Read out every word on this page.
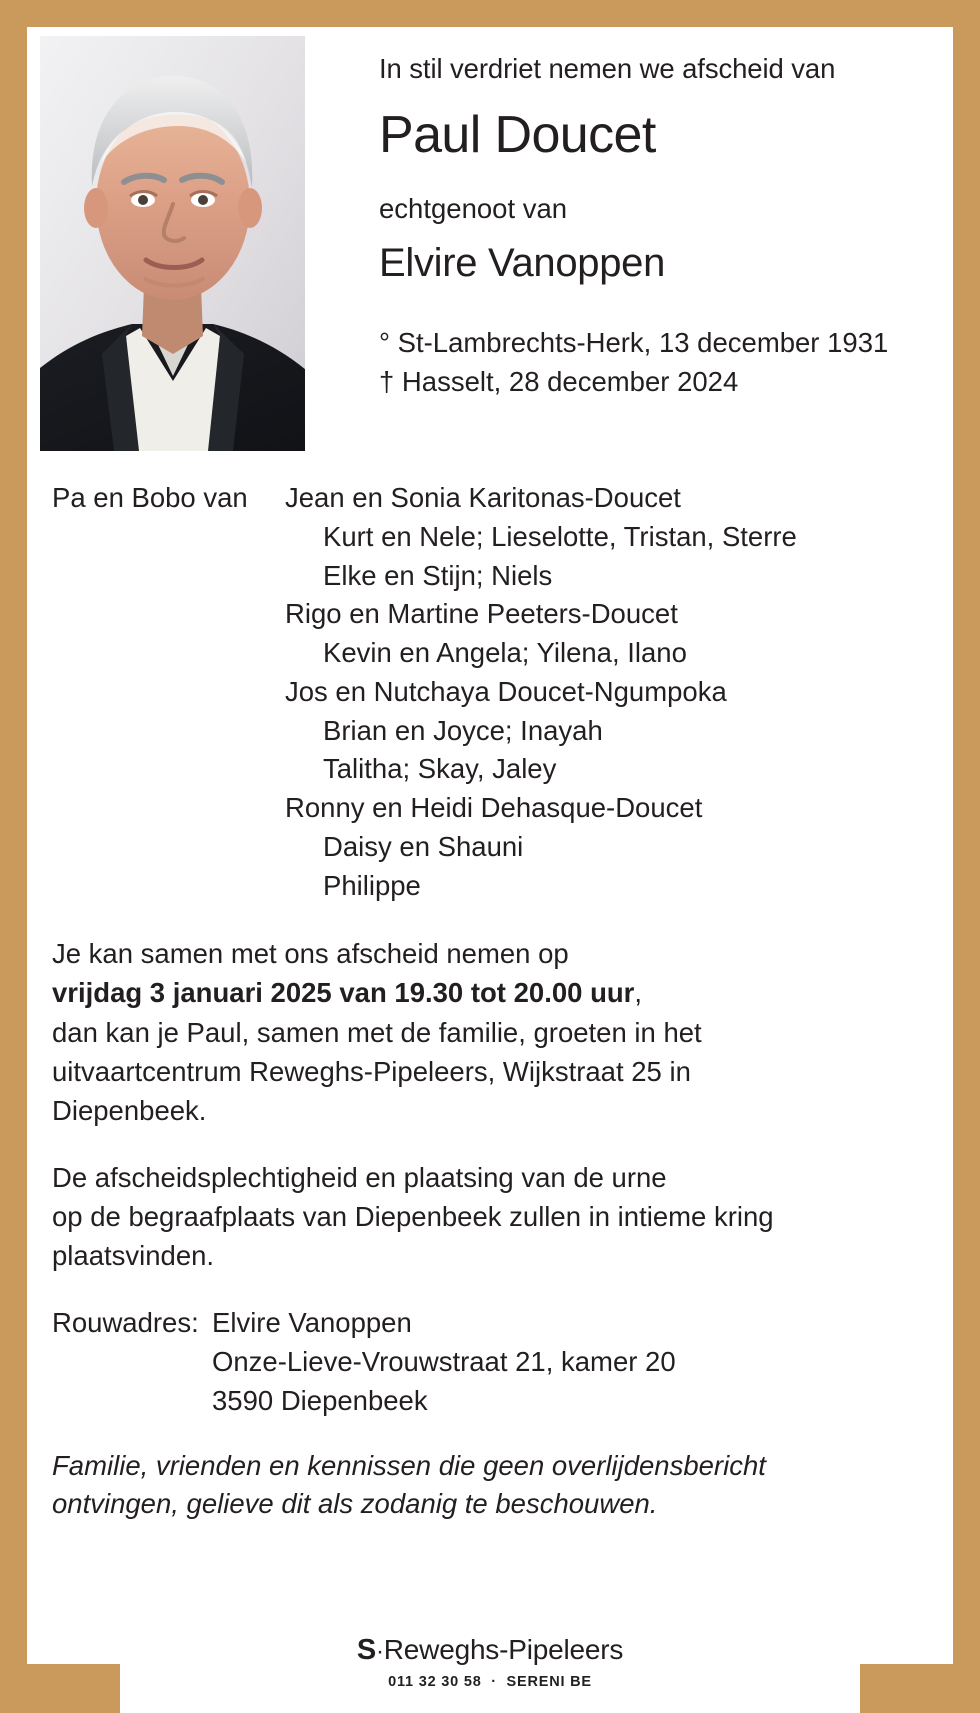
In stil verdriet nemen we afscheid van
Paul Doucet
echtgenoot van
Elvire Vanoppen
° St-Lambrechts-Herk, 13 december 1931
† Hasselt, 28 december 2024
Pa en Bobo van	Jean en Sonia Karitonas-Doucet
Kurt en Nele; Lieselotte, Tristan, Sterre
Elke en Stijn; Niels
Rigo en Martine Peeters-Doucet
Kevin en Angela; Yilena, Ilano
Jos en Nutchaya Doucet-Ngumpoka
Brian en Joyce; Inayah
Talitha; Skay, Jaley
Ronny en Heidi Dehasque-Doucet
Daisy en Shauni
Philippe
Je kan samen met ons afscheid nemen op
vrijdag 3 januari 2025 van 19.30 tot 20.00 uur,
dan kan je Paul, samen met de familie, groeten in het
uitvaartcentrum Reweghs-Pipeleers, Wijkstraat 25 in
Diepenbeek.
De afscheidsplechtigheid en plaatsing van de urne
op de begraafplaats van Diepenbeek zullen in intieme kring
plaatsvinden.
Rouwadres: Elvire Vanoppen
Onze-Lieve-Vrouwstraat 21, kamer 20
3590 Diepenbeek
Familie, vrienden en kennissen die geen overlijdensbericht
ontvingen, gelieve dit als zodanig te beschouwen.
S·Reweghs-Pipeleers
011 32 30 58 · SERENI BE
